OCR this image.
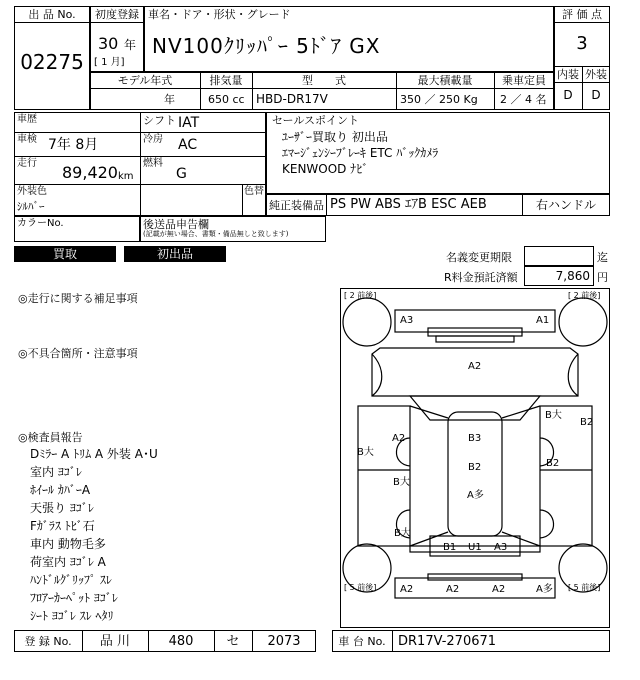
出 品 No.
02275
初度登録
30 年
[ 1 月]
車名・ドア・形状・グレード
NV100ｸﾘｯﾊﾟｰ 5ﾄﾞｱ GX
評 価 点
3
内装 外装
D	D
モデル年式	排気量	型　　式	最大積載量	乗車定員
年	650 cc HBD-DR17V	350 ／ 250 Kg 2 ／ 4 名
車歴
車検 7年 8月
走行 89,420 km
シフト IAT
冷房 AC
燃料
G
外装色
ｼﾙﾊﾞｰ
色替
セールスポイント
ﾕｰｻﾞｰ買取り 初出品
ｴﾏｰｼﾞｪﾝｼｰﾌﾞﾚｰｷ ETC ﾊﾞｯｸｶﾒﾗ
KENWOOD ﾅﾋﾞ
純正装備品 PS PW ABS ｴｱB ESC AEB	右ハンドル
カラーNo.	後送品申告欄
(記載が無い場合、書類・備品無しと致します)
買取	初出品	名義変更期限	迄
R料金預託済額	7,860 円
◎走行に関する補足事項
◎不具合箇所・注意事項
◎検査員報告
Dﾐﾗｰ A ﾄﾘﾑ A 外装 A･U
室内 ﾖｺﾞﾚ
ﾎｲｰﾙ ｶﾊﾞｰA
天張り ﾖｺﾞﾚ
Fｶﾞﾗｽ ﾄﾋﾞ石
車内 動物毛多
荷室内 ﾖｺﾞﾚ A
ﾊﾝﾄﾞﾙｸﾞﾘｯﾌﾟ ｽﾚ
ﾌﾛｱｰｶｰﾍﾟｯﾄ ﾖｺﾞﾚ
ｼｰﾄ ﾖｺﾞﾚ ｽﾚ ﾍﾀﾘ
[ 2 前後]	[ 2 前後]
[ 5 前後]	[ 5 前後]
A3	A1
A2
A2
B大
B大
B大
B3
B2
A多
B大
B2
B2
B1 U1 A3
A2	A2	A2	A多
登 録 No.	品 川	480	セ	2073	車 台 No. DR17V-270671
